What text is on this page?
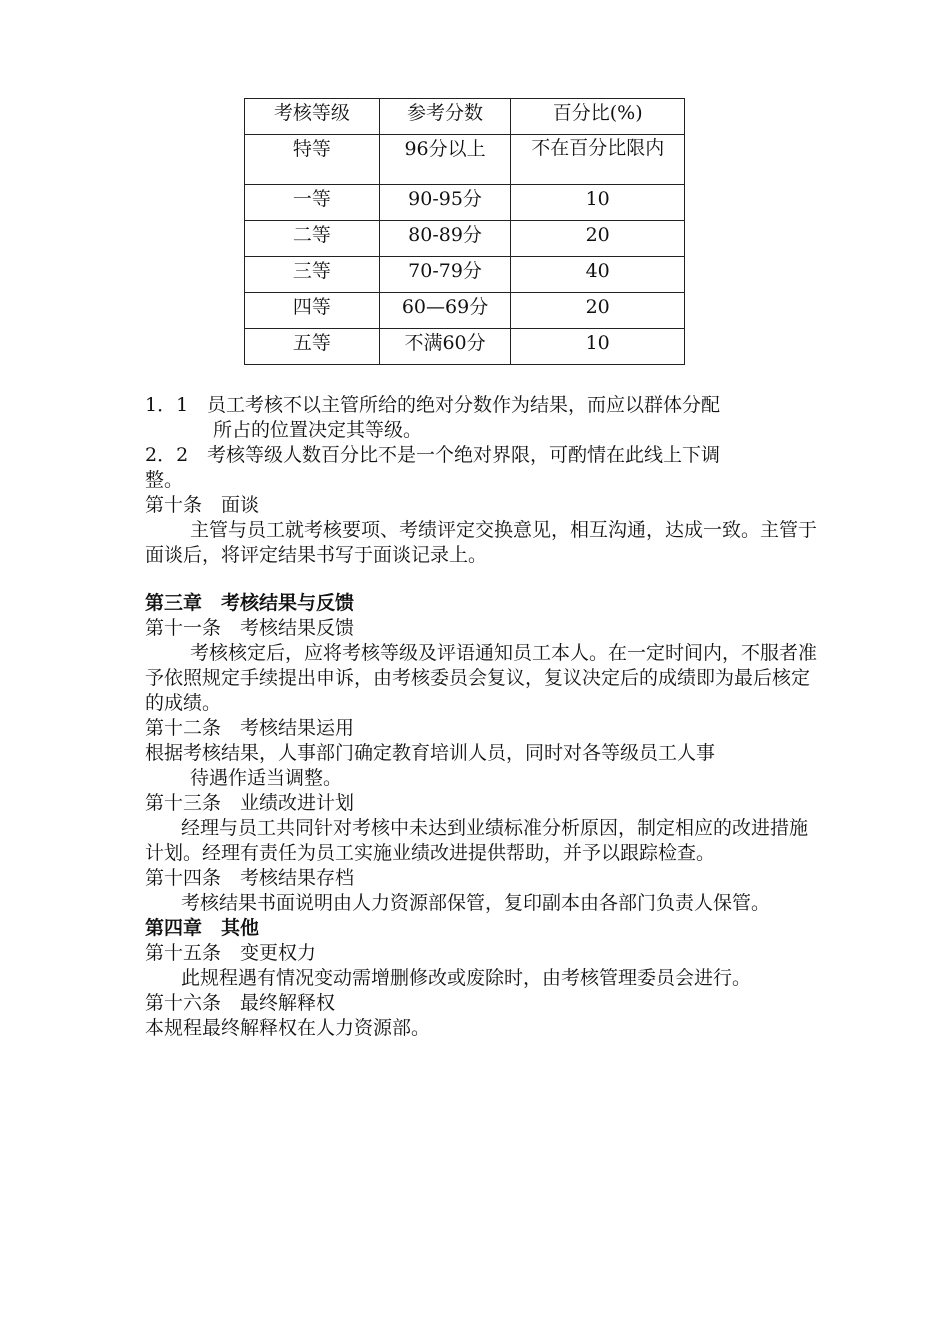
考核等级	参考分数	百分比(%)
特等	96分以上	不在百分比限内
一等	90-95分	10
二等	80-89分	20
三等	70-79分	40
四等	60—69分	20
五等	不满60分	10

1．1 员工考核不以主管所给的绝对分数作为结果，而应以群体分配

所占的位置决定其等级。

2．2 考核等级人数百分比不是一个绝对界限，可酌情在此线上下调

整。

第十条　面谈

主管与员工就考核要项、考绩评定交换意见，相互沟通，达成一致。主管于面谈后，将评定结果书写于面谈记录上。

第三章　考核结果与反馈

第十一条　考核结果反馈

考核核定后，应将考核等级及评语通知员工本人。在一定时间内，不服者准予依照规定手续提出申诉，由考核委员会复议，复议决定后的成绩即为最后核定的成绩。

第十二条　考核结果运用

根据考核结果，人事部门确定教育培训人员，同时对各等级员工人事

待遇作适当调整。

第十三条　业绩改进计划

经理与员工共同针对考核中未达到业绩标准分析原因，制定相应的改进措施计划。经理有责任为员工实施业绩改进提供帮助，并予以跟踪检查。

第十四条　考核结果存档

考核结果书面说明由人力资源部保管，复印副本由各部门负责人保管。

第四章　其他

第十五条　变更权力

此规程遇有情况变动需增删修改或废除时，由考核管理委员会进行。

第十六条　最终解释权

本规程最终解释权在人力资源部。
